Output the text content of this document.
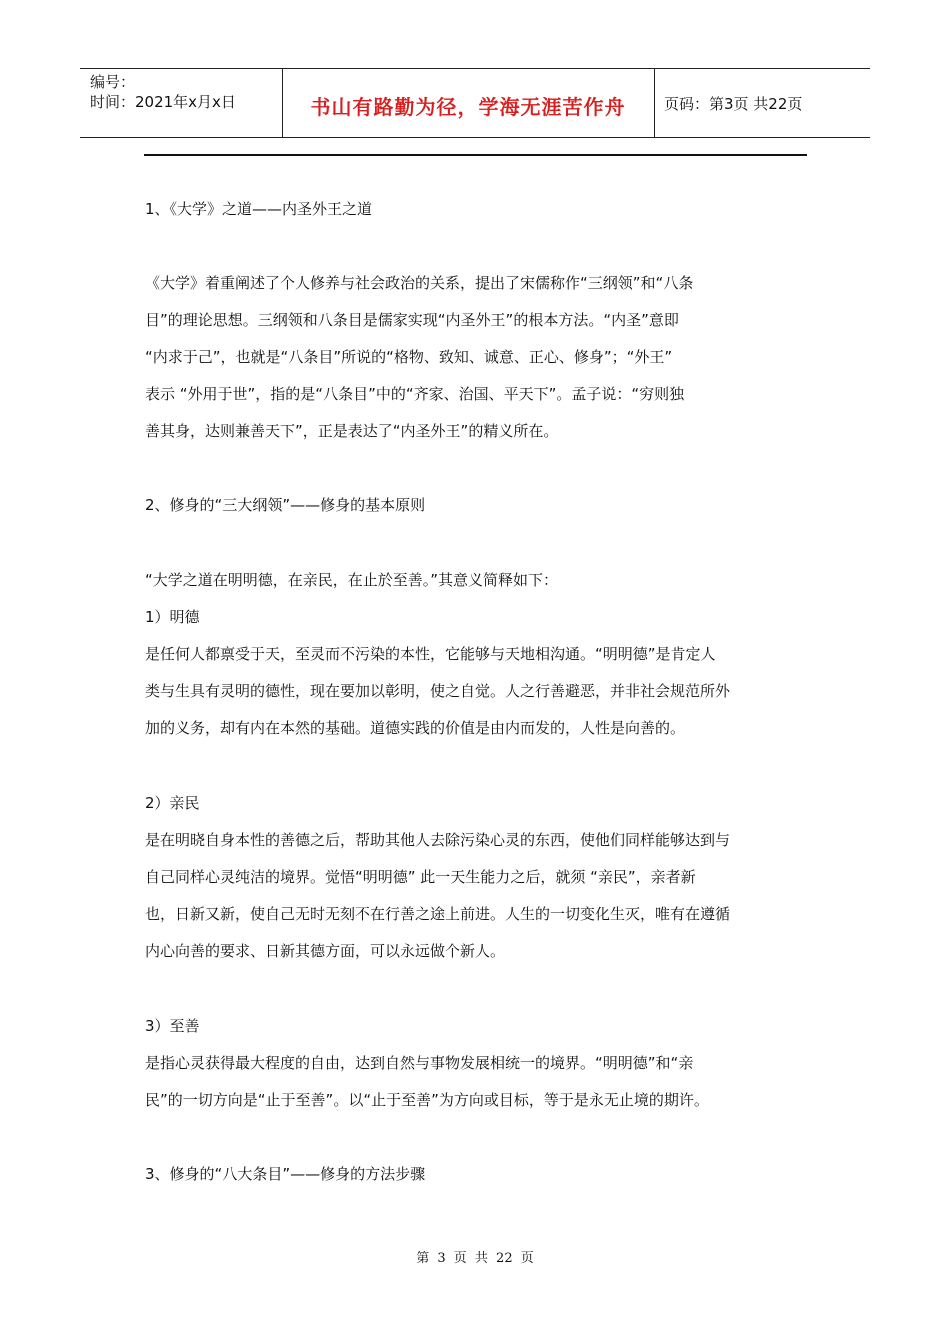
编号：
时间：2021年x月x日	书山有路勤为径，学海无涯苦作舟	页码：第3页 共22页
1、《大学》之道——内圣外王之道
《大学》着重阐述了个人修养与社会政治的关系，提出了宋儒称作“三纲领”和“八条
目”的理论思想。三纲领和八条目是儒家实现“内圣外王”的根本方法。“内圣”意即
“内求于己”，也就是“八条目”所说的“格物、致知、诚意、正心、修身”；“外王”
表示 “外用于世”，指的是“八条目”中的“齐家、治国、平天下”。孟子说：“穷则独
善其身，达则兼善天下”，正是表达了“内圣外王”的精义所在。
2、修身的“三大纲领”——修身的基本原则
“大学之道在明明德，在亲民，在止於至善。”其意义简释如下：
1）明德
是任何人都禀受于天，至灵而不污染的本性，它能够与天地相沟通。“明明德”是肯定人
类与生具有灵明的德性，现在要加以彰明，使之自觉。人之行善避恶，并非社会规范所外
加的义务，却有内在本然的基础。道德实践的价值是由内而发的，人性是向善的。
2）亲民
是在明晓自身本性的善德之后，帮助其他人去除污染心灵的东西，使他们同样能够达到与
自己同样心灵纯洁的境界。觉悟“明明德” 此一天生能力之后，就须 “亲民”，亲者新
也，日新又新，使自己无时无刻不在行善之途上前进。人生的一切变化生灭，唯有在遵循
内心向善的要求、日新其德方面，可以永远做个新人。
3）至善
是指心灵获得最大程度的自由，达到自然与事物发展相统一的境界。“明明德”和“亲
民”的一切方向是“止于至善”。以“止于至善”为方向或目标，等于是永无止境的期许。
3、修身的“八大条目”——修身的方法步骤
第 3 页 共 22 页
